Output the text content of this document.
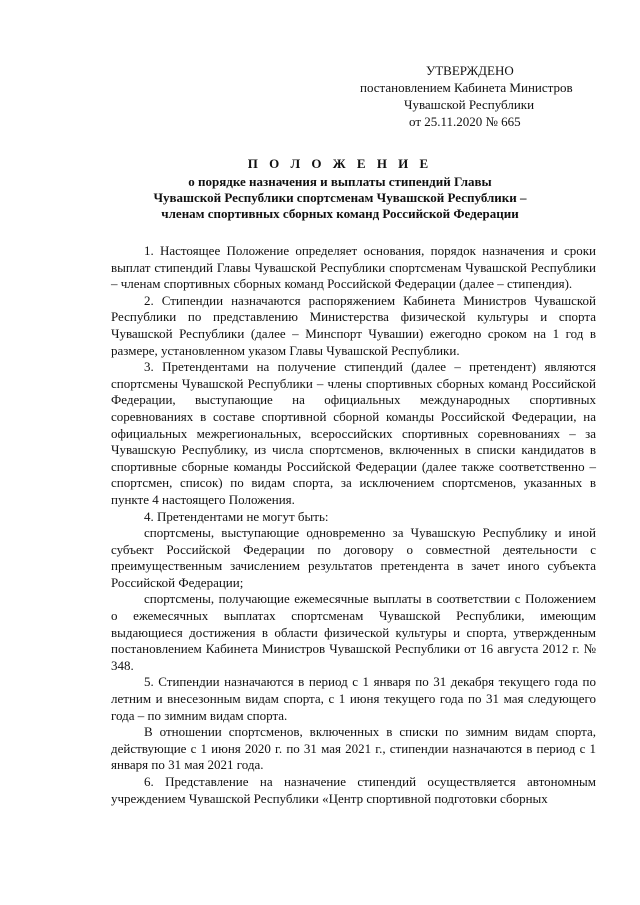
УТВЕРЖДЕНО
постановлением Кабинета Министров
Чувашской Республики
от 25.11.2020 № 665
П О Л О Ж Е Н И Е
о порядке назначения и выплаты стипендий Главы
Чувашской Республики спортсменам Чувашской Республики –
членам спортивных сборных команд Российской Федерации

1. Настоящее Положение определяет основания, порядок назначения и сроки выплат стипендий Главы Чувашской Республики спортсменам Чувашской Республики – членам спортивных сборных команд Российской Федерации (далее – стипендия).

2. Стипендии назначаются распоряжением Кабинета Министров Чувашской Республики по представлению Министерства физической культуры и спорта Чувашской Республики (далее – Минспорт Чувашии) ежегодно сроком на 1 год в размере, установленном указом Главы Чувашской Республики.

3. Претендентами на получение стипендий (далее – претендент) являются спортсмены Чувашской Республики – члены спортивных сборных команд Российской Федерации, выступающие на официальных международных спортивных соревнованиях в составе спортивной сборной команды Российской Федерации, на официальных межрегиональных, всероссийских спортивных соревнованиях – за Чувашскую Республику, из числа спортсменов, включенных в списки кандидатов в спортивные сборные команды Российской Федерации (далее также соответственно – спортсмен, список) по видам спорта, за исключением спортсменов, указанных в пункте 4 настоящего Положения.

4. Претендентами не могут быть:

спортсмены, выступающие одновременно за Чувашскую Республику и иной субъект Российской Федерации по договору о совместной деятельности с преимущественным зачислением результатов претендента в зачет иного субъекта Российской Федерации;

спортсмены, получающие ежемесячные выплаты в соответствии с Положением о ежемесячных выплатах спортсменам Чувашской Республики, имеющим выдающиеся достижения в области физической культуры и спорта, утвержденным постановлением Кабинета Министров Чувашской Республики от 16 августа 2012 г. № 348.

5. Стипендии назначаются в период с 1 января по 31 декабря текущего года по летним и внесезонным видам спорта, с 1 июня текущего года по 31 мая следующего года – по зимним видам спорта.

В отношении спортсменов, включенных в списки по зимним видам спорта, действующие с 1 июня 2020 г. по 31 мая 2021 г., стипендии назначаются в период с 1 января по 31 мая 2021 года.

6. Представление на назначение стипендий осуществляется автономным учреждением Чувашской Республики «Центр спортивной подготовки сборных
